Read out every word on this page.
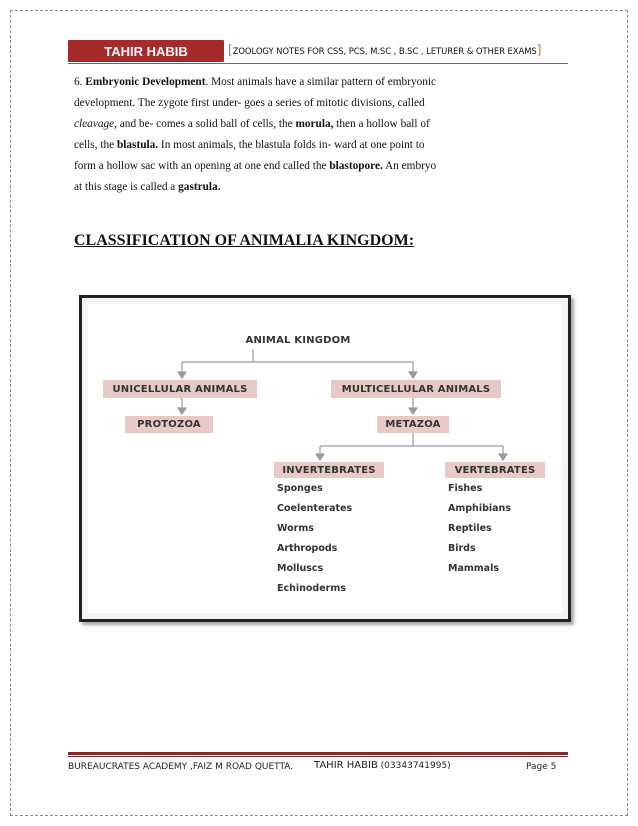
TAHIR HABIB	[ZOOLOGY NOTES FOR CSS, PCS, M.SC , B.SC , LETURER & OTHER EXAMS]
6. Embryonic Development. Most animals have a similar pattern of embryonic
development. The zygote first under- goes a series of mitotic divisions, called
cleavage, and be- comes a solid ball of cells, the morula, then a hollow ball of
cells, the blastula. In most animals, the blastula folds in- ward at one point to
form a hollow sac with an opening at one end called the blastopore. An embryo
at this stage is called a gastrula.
CLASSIFICATION OF ANIMALIA KINGDOM:
ANIMAL KINGDOM
UNICELLULAR ANIMALS	MULTICELLULAR ANIMALS
PROTOZOA	METAZOA
INVERTEBRATES	VERTEBRATES
Sponges
Coelenterates
Worms
Arthropods
Molluscs
Echinoderms
Fishes
Amphibians
Reptiles
Birds
Mammals
BUREAUCRATES ACADEMY ,FAIZ M ROAD QUETTA. TAHIR HABIB (03343741995)	Page 5
